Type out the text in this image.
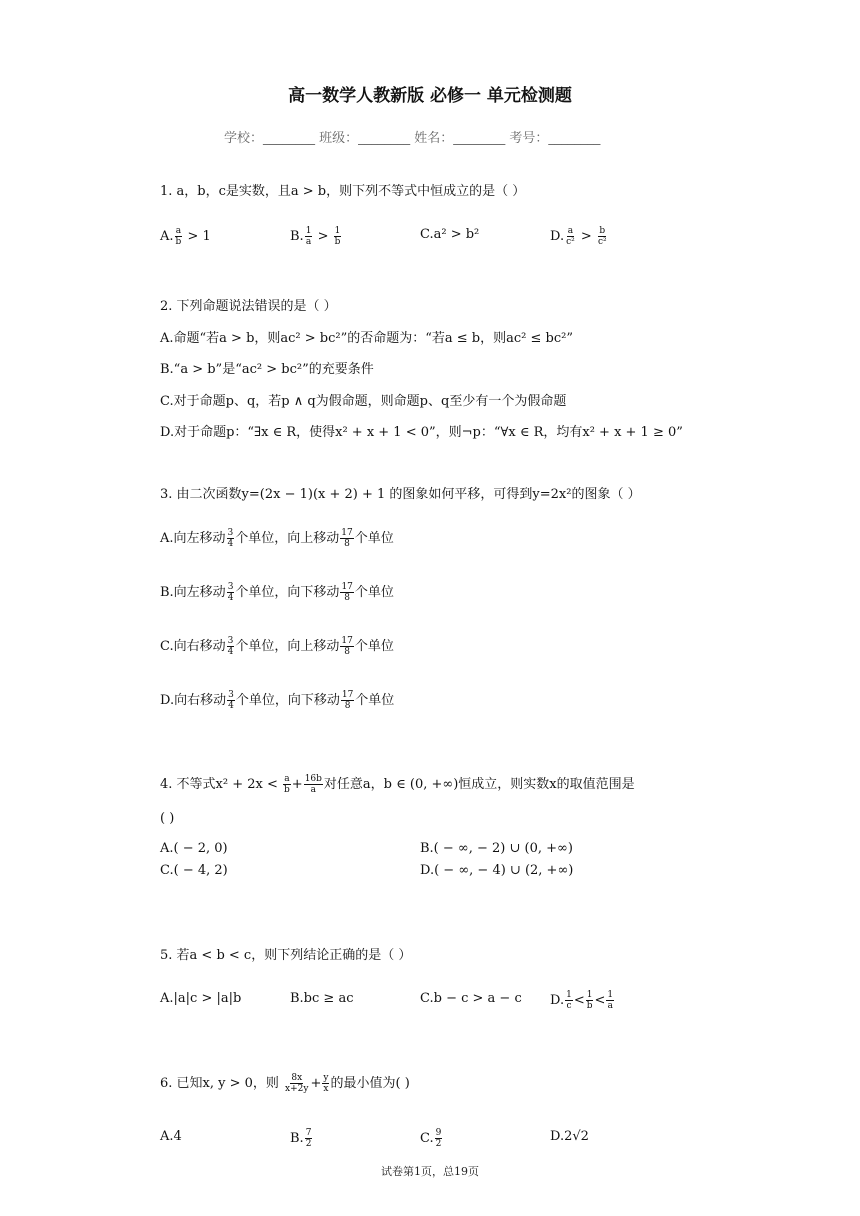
高一数学人教新版 必修一 单元检测题
学校：________ 班级：________ 姓名：________ 考号：________
1. a，b，c是实数，且a > b，则下列不等式中恒成立的是（ ）
A. $\frac{a}{b} > 1$	B. $\frac{1}{a} > \frac{1}{b}$	C.a² > b²	D. $\frac{a}{\text{c²}} > \frac{b}{\text{c²}}$
2. 下列命题说法错误的是（ ）
A.命题“若a > b，则ac² > bc²”的否命题为：“若a ≤ b，则ac² ≤ bc²”
B.“a > b”是“ac² > bc²”的充要条件
C.对于命题p、q，若p ∧ q为假命题，则命题p、q至少有一个为假命题
D.对于命题p：“∃x ∈ R，使得x² + x + 1 < 0”，则¬p：“∀x ∈ R，均有x² + x + 1 ≥ 0”
3. 由二次函数y=(2x − 1)(x + 2) + 1 的图象如何平移，可得到y=2x²的图象（ ）
A.向左移动 $\frac{3}{4}$ 个单位，向上移动 $\frac{17}{8}$ 个单位
B.向左移动 $\frac{3}{4}$ 个单位，向下移动 $\frac{17}{8}$ 个单位
C.向右移动 $\frac{3}{4}$ 个单位，向上移动 $\frac{17}{8}$ 个单位
D.向右移动 $\frac{3}{4}$ 个单位，向下移动 $\frac{17}{8}$ 个单位
4. 不等式$x^2 + 2x < \frac{a}{b} + \frac{16b}{a}$ 对任意a，b ∈ (0, +∞)恒成立，则实数x的取值范围是
( )
A.( − 2, 0)	B.( − ∞, − 2) ∪ (0, +∞)
C.( − 4, 2)	D.( − ∞, − 4) ∪ (2, +∞)
5. 若a < b < c，则下列结论正确的是（ ）
A.|a|c > |a|b	B.bc ≥ ac	C.b − c > a − c D. $\frac{1}{c} < \frac{1}{b} < \frac{1}{a}$
6. 已知x, y > 0，则 $\frac{8x}{x+2y} + \frac{y}{x}$ 的最小值为( )
A.4	B. $\frac{7}{2}$	C. $\frac{9}{2}$	D.2√2
试卷第1页，总19页
